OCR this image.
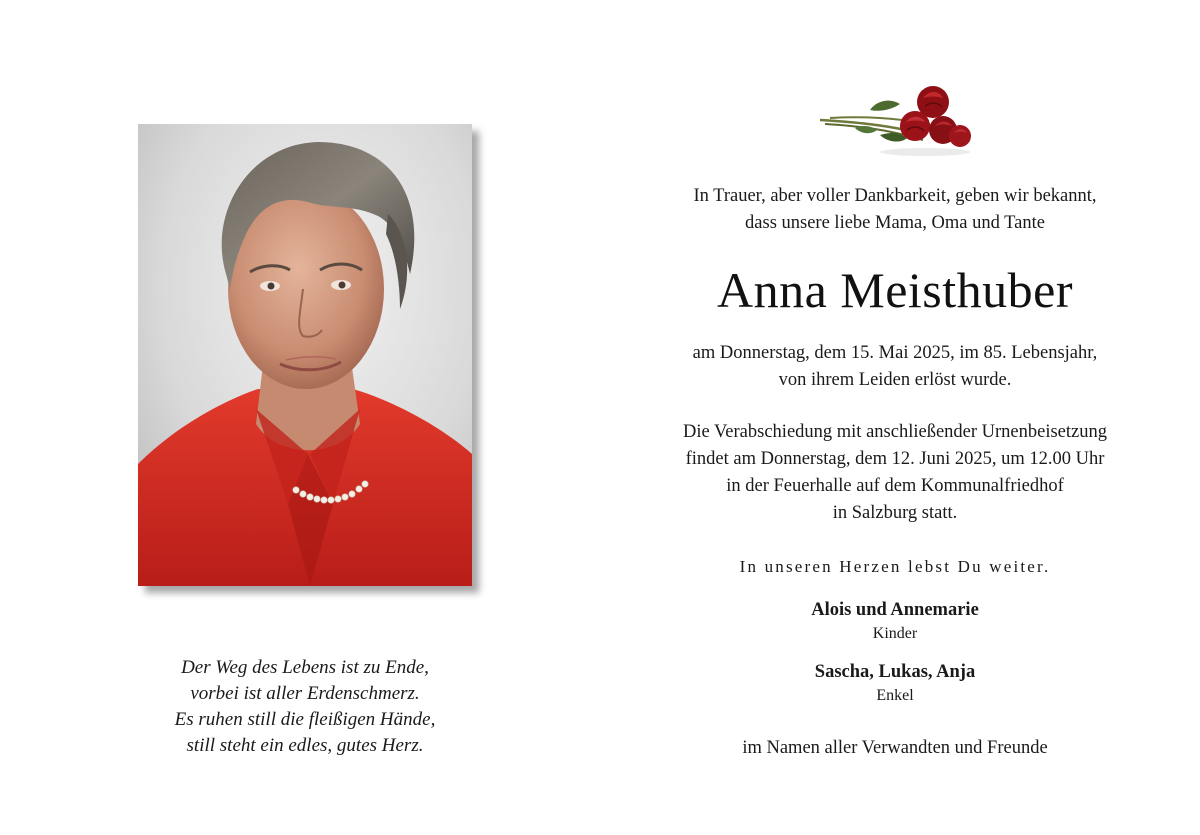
Der Weg des Lebens ist zu Ende,
vorbei ist aller Erdenschmerz.
Es ruhen still die fleißigen Hände,
still steht ein edles, gutes Herz.
In Trauer, aber voller Dankbarkeit, geben wir bekannt,
dass unsere liebe Mama, Oma und Tante
Anna Meisthuber
am Donnerstag, dem 15. Mai 2025, im 85. Lebensjahr,
von ihrem Leiden erlöst wurde.
Die Verabschiedung mit anschließender Urnenbeisetzung
findet am Donnerstag, dem 12. Juni 2025, um 12.00 Uhr
in der Feuerhalle auf dem Kommunalfriedhof
in Salzburg statt.
In unseren Herzen lebst Du weiter.
Alois und Annemarie
Kinder
Sascha, Lukas, Anja
Enkel
im Namen aller Verwandten und Freunde
